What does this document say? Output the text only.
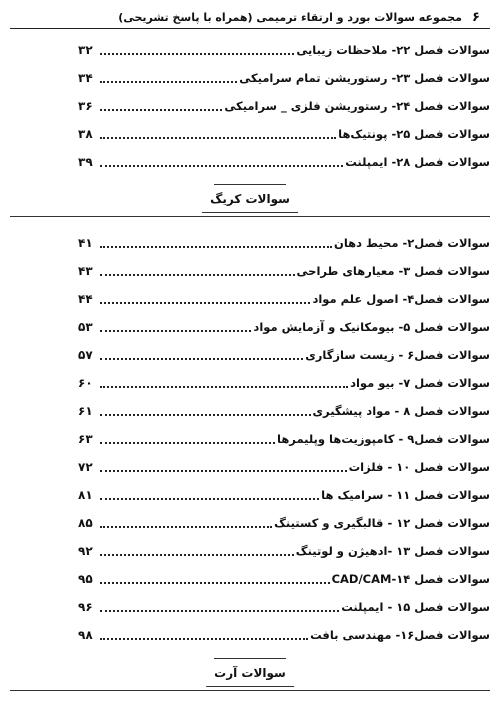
۶
مجموعه سوالات بورد و ارتقاء ترمیمی (همراه با پاسخ تشریحی)
سوالات فصل ۲۲- ملاحظات زیبایی
۳۲
سوالات فصل ۲۳- رستوریشن تمام سرامیکی
۳۴
سوالات فصل ۲۴- رستوریشن فلزی _ سرامیکی
۳۶
سوالات فصل ۲۵- پونتیک‌ها
۳۸
سوالات فصل ۲۸- ایمپلنت
۳۹
سوالات کریگ
سوالات فصل۲- محیط دهان
۴۱
سوالات فصل ۳- معیارهای طراحی
۴۳
سوالات فصل۴- اصول علم مواد
۴۴
سوالات فصل ۵- بیومکانیک و آزمایش مواد
۵۳
سوالات فصل۶ - زیست سازگاری
۵۷
سوالات فصل ۷- بیو مواد
۶۰
سوالات فصل ۸ - مواد پیشگیری
۶۱
سوالات فصل۹ - کامپوزیت‌ها وپلیمرها
۶۳
سوالات فصل ۱۰ - فلزات
۷۲
سوالات فصل ۱۱ - سرامیک ها
۸۱
سوالات فصل ۱۲ - قالبگیری و کستینگ
۸۵
سوالات فصل ۱۳ -ادهیژن و لوتینگ
۹۲
سوالات فصل ۱۴-CAD/CAM
۹۵
سوالات فصل ۱۵ - ایمپلنت
۹۶
سوالات فصل۱۶- مهندسی بافت
۹۸
سوالات آرت
